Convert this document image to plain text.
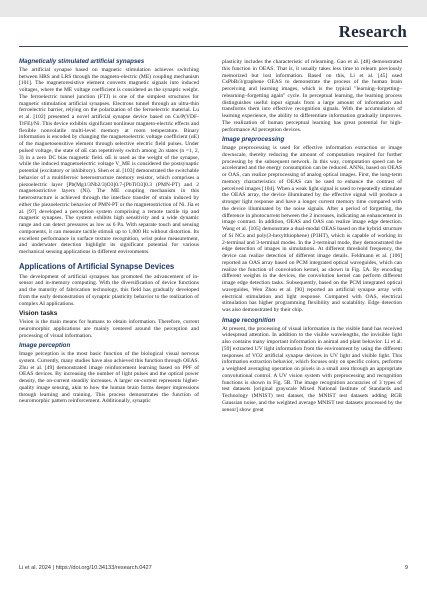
Research
Magnetically stimulated artificial synapses

The artificial synapse based on magnetic stimulation achieves switching between HRS and LRS through the magneto-electric (ME) coupling mechanism [101]. The magnetoresistive element converts magnetic signals into induced voltages, where the ME voltage coefficient is considered as the synaptic weight. The ferroelectric tunnel junction (FTJ) is one of the simplest structures for magnetic stimulation artificial synapses. Electrons tunnel through an ultra-thin ferroelectric barrier, relying on the polarization of the ferroelectric material. Lu et al. [102] presented a novel artificial synapse device based on Cu/P(VDF-TrFE)/Ni. This device exhibits significant nonlinear magneto-electric effects and flexible nonvolatile multi-level memory at room temperature. Binary information is encoded by changing the magnetoelectric voltage coefficient (αE) of the magnetosensitive element through selective electric field pulses. Under pulsed voltage, the state of αE can repetitively switch among 2n states (n =1, 2, 3) in a zero DC bias magnetic field. αE is used as the weight of the synapse, while the induced magnetoelectric voltage V_ME is considered the postsynaptic potential (excitatory or inhibitory). Shen et al. [103] demonstrated the switchable behavior of a multiferroic heterostructure memory resistor, which comprises a piezoelectric layer [Pb(Mg1/3Nb2/3)O3]0.7-[PbTiO3]0.3 (PMN-PT) and 2 magnetostrictive layers (Ni). The ME coupling mechanism in this heterostructure is achieved through the interface transfer of strain induced by either the piezoelectric behavior of PMN-PT or the magnetostriction of Ni. Jia et al. [97] developed a perception system comprising a remote tactile tip and magnetic synapses. The system exhibits high sensitivity and a wide dynamic range and can detect pressures as low as 6 Pa. With separate touch and sensing components, it can measure tactile stimuli up to 1,000 Hz without distortion. Its excellent performance in surface texture recognition, wrist pulse measurement, and underwater detection highlight its significant potential for various mechanical sensing applications in different environments.

Applications of Artificial Synapse Devices

The development of artificial synapses has promoted the advancement of in-sensor and in-memory computing. With the diversification of device functions and the maturity of fabrication technology, this field has gradually developed from the early demonstration of synaptic plasticity behavior to the realization of complex AI applications.

Vision tasks

Vision is the main means for humans to obtain information. Therefore, current neuromorphic applications are mainly centered around the perception and processing of visual information.

Image perception

Image perception is the most basic function of the biological visual nervous system. Currently, many studies have also achieved this function through OEAS. Zhu et al. [49] demonstrated image reinforcement learning based on PPF of OEAS devices. By increasing the number of light pulses and the optical power density, the on-current steadily increases. A larger on-current represents higher-quality image sensing, akin to how the human brain forms deeper impressions through learning and training. This process demonstrates the function of neuromorphic pattern reinforcement. Additionally, synaptic

plasticity includes the characteristic of relearning. Gao et al. [48] demonstrated this function in OEAS. That is, it usually takes less time to relearn previously memorized but lost information. Based on this, Li et al. [45] used CsPbBr3/graphene OEAS to demonstrate the process of the human brain perceiving and learning images, which is the typical "learning–forgetting–relearning–forgetting again" cycle. In perceptual learning, the learning process distinguishes useful input signals from a large amount of information and transforms them into effective recognition signals. With the accumulation of learning experience, the ability to differentiate information gradually improves. The realization of human perceptual learning has great potential for high-performance AI perception devices.

Image preprocessing

Image preprocessing is used for effective information extraction or image downscale, thereby reducing the amount of computation required for further processing by the subsequent network. In this way, computation speed can be accelerated and the energy consumption can be reduced. ANNs, based on OEAS or OAS, can realize preprocessing of analog optical images. First, the long-term memory characteristics of OEAS can be used to enhance the contrast of perceived images [104]. When a weak light signal is used to repeatedly stimulate the OEAS array, the device illuminated by the effective signal will produce a stronger light response and have a longer current memory time compared with the device illuminated by the noise signals. After a period of forgetting, the difference in photocurrent between the 2 increases, indicating an enhancement in image contrast. In addition, OEAS and OAS can realize image edge detection. Wang et al. [105] demonstrate a dual-modal OEAS based on the hybrid structure of Si NCs and poly(3-hexylthiophene) (P3HT), which is capable of working in 2-terminal and 3-terminal modes. In the 2-terminal mode, they demonstrated the edge detection of images in simulations. At different threshold frequency, the device can realize detection of different image details. Feldmann et al. [106] reported an OAS array based on PCM integrated optical waveguides, which can realize the function of convolution kernel, as shown in Fig. 5A. By encoding different weights in the devices, the convolution kernel can perform different image edge detection tasks. Subsequently, based on the PCM integrated optical waveguides, Wen Zhou et al. [90] reported an artificial synapse array with electrical stimulation and light response. Compared with OAS, electrical stimulation has higher programming flexibility and scalability. Edge detection was also demonstrated by their chip.

Image recognition

At present, the processing of visual information in the visible band has received widespread attention. In addition to the visible wavelengths, the invisible light also contains many important information in animal and plant behavior. Li et al. [59] extracted UV light information from the environment by using the different responses of VO2 artificial synapse devices in UV light and visible light. This information extraction behavior, which focuses only on specific colors, performs a weighted averaging operation on pixels in a small area through an appropriate convolutional control. A UV vision system with preprocessing and recognition functions is shown in Fig. 5B. The image recognition accuracies of 3 types of test datasets [original grayscale Mixed National Institute of Standards and Technology (MNIST) test dataset, the MNIST test datasets adding RGB Gaussian noise, and the weighted average MNIST test datasets processed by the sensor] show great

Li et al. 2024 | https://doi.org/10.34133/research.0427	9
